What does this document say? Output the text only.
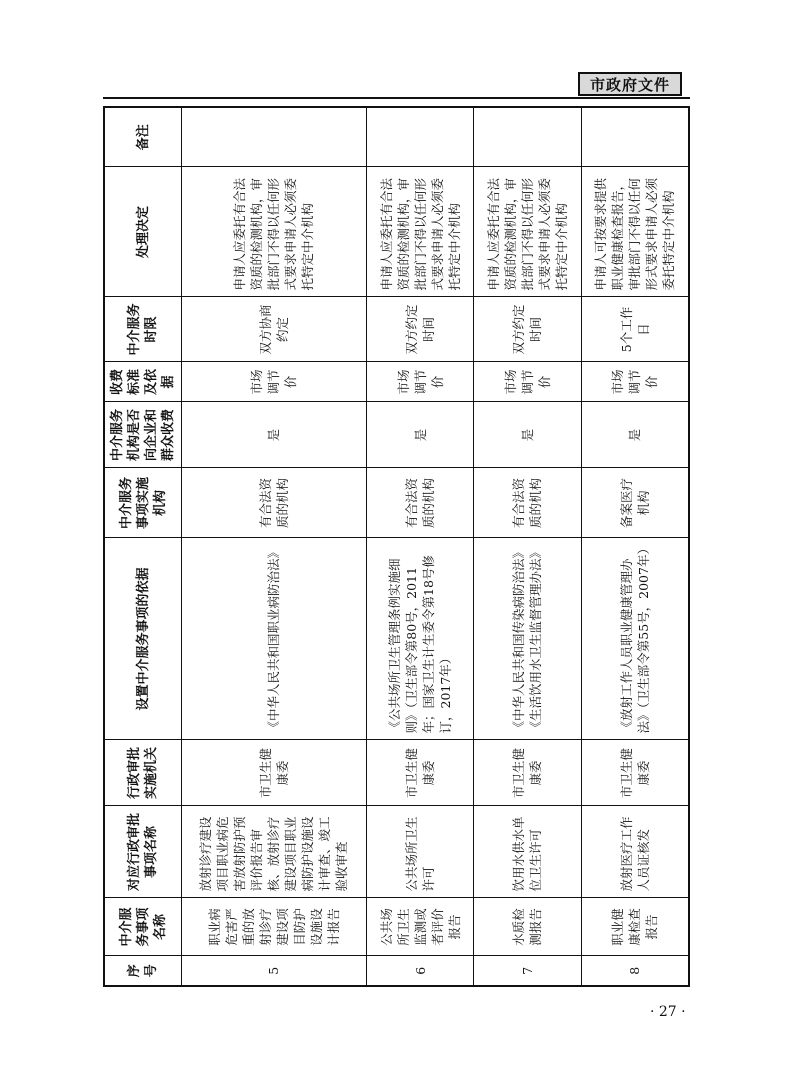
市政府文件
序号	中介服务事项名称	对应行政审批事项名称	行政审批实施机关	设置中介服务事项的依据	中介服务事项实施机构	中介服务机构是否向企业和群众收费	收费标准及依据	中介服务时限	处理决定	备注
5	职业病危害严重的放射诊疗建设项目防护设施设计报告	放射诊疗建设项目职业病危害放射防护预评价报告审核、放射诊疗建设项目职业病防护设施设计审查、竣工验收审查	市卫生健康委	《中华人民共和国职业病防治法》	有合法资质的机构	是	市场调节价	双方协商约定	申请人应委托有合法资质的检测机构，审批部门不得以任何形式要求申请人必须委托特定中介机构	
6	公共场所卫生监测或者评价报告	公共场所卫生许可	市卫生健康委	《公共场所卫生管理条例实施细则》（卫生部令第80号，2011年；国家卫生计生委令第18号修订，2017年）	有合法资质的机构	是	市场调节价	双方约定时间	申请人应委托有合法资质的检测机构，审批部门不得以任何形式要求申请人必须委托特定中介机构	
7	水质检测报告	饮用水供水单位卫生许可	市卫生健康委	《中华人民共和国传染病防治法》《生活饮用水卫生监督管理办法》	有合法资质的机构	是	市场调节价	双方约定时间	申请人应委托有合法资质的检测机构，审批部门不得以任何形式要求申请人必须委托特定中介机构	
8	职业健康检查报告	放射医疗工作人员证核发	市卫生健康委	《放射工作人员职业健康管理办法》（卫生部令第55号，2007年）	备案医疗机构	是	市场调节价	5个工作日	申请人可按要求提供职业健康检查报告，审批部门不得以任何形式要求申请人必须委托特定中介机构	
· 27 ·
